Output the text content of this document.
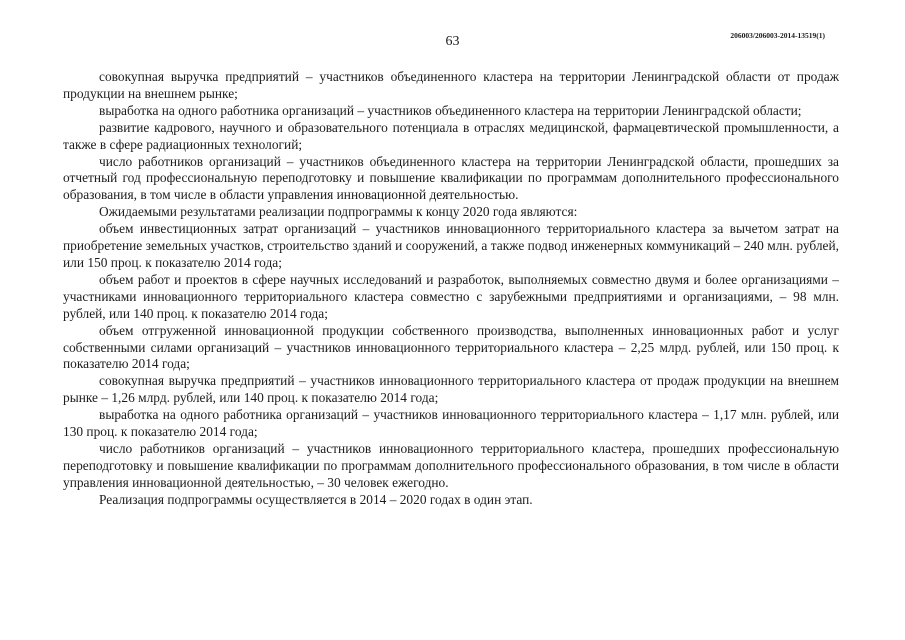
63	206003/206003-2014-13519(1)

совокупная выручка предприятий – участников объединенного кластера на территории Ленинградской области от продаж продукции на внешнем рынке;

выработка на одного работника организаций – участников объединенного кластера на территории Ленинградской области;

развитие кадрового, научного и образовательного потенциала в отраслях медицинской, фармацевтической промышленности, а также в сфере радиационных технологий;

число работников организаций – участников объединенного кластера на территории Ленинградской области, прошедших за отчетный год профессиональную переподготовку и повышение квалификации по программам дополнительного профессионального образования, в том числе в области управления инновационной деятельностью.

Ожидаемыми результатами реализации подпрограммы к концу 2020 года являются:

объем инвестиционных затрат организаций – участников инновационного территориального кластера за вычетом затрат на приобретение земельных участков, строительство зданий и сооружений, а также подвод инженерных коммуникаций – 240 млн. рублей, или 150 проц. к показателю 2014 года;

объем работ и проектов в сфере научных исследований и разработок, выполняемых совместно двумя и более организациями – участниками инновационного территориального кластера совместно с зарубежными предприятиями и организациями, – 98 млн. рублей, или 140 проц. к показателю 2014 года;

объем отгруженной инновационной продукции собственного производства, выполненных инновационных работ и услуг собственными силами организаций – участников инновационного территориального кластера – 2,25 млрд. рублей, или 150 проц. к показателю 2014 года;

совокупная выручка предприятий – участников инновационного территориального кластера от продаж продукции на внешнем рынке – 1,26 млрд. рублей, или 140 проц. к показателю 2014 года;

выработка на одного работника организаций – участников инновационного территориального кластера – 1,17 млн. рублей, или 130 проц. к показателю 2014 года;

число работников организаций – участников инновационного территориального кластера, прошедших профессиональную переподготовку и повышение квалификации по программам дополнительного профессионального образования, в том числе в области управления инновационной деятельностью, – 30 человек ежегодно.

Реализация подпрограммы осуществляется в 2014 – 2020 годах в один этап.
